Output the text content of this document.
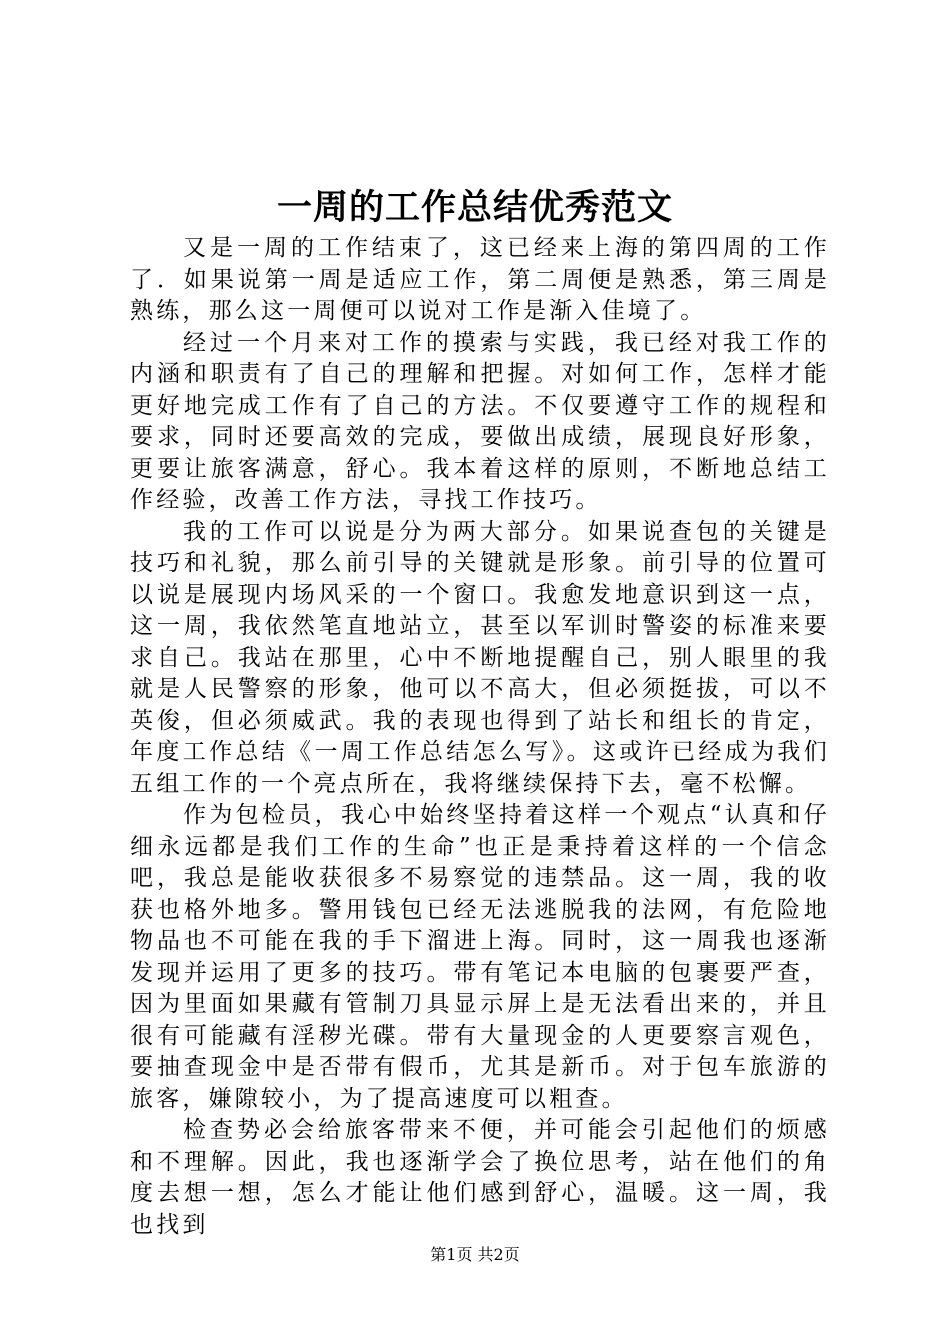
一周的工作总结优秀范文

又是一周的工作结束了，这已经来上海的第四周的工作了．如果说第一周是适应工作，第二周便是熟悉，第三周是熟练，那么这一周便可以说对工作是渐入佳境了。

经过一个月来对工作的摸索与实践，我已经对我工作的内涵和职责有了自己的理解和把握。对如何工作，怎样才能更好地完成工作有了自己的方法。不仅要遵守工作的规程和要求，同时还要高效的完成，要做出成绩，展现良好形象，更要让旅客满意，舒心。我本着这样的原则，不断地总结工作经验，改善工作方法，寻找工作技巧。

我的工作可以说是分为两大部分。如果说查包的关键是技巧和礼貌，那么前引导的关键就是形象。前引导的位置可以说是展现内场风采的一个窗口。我愈发地意识到这一点，这一周，我依然笔直地站立，甚至以军训时警姿的标准来要求自己。我站在那里，心中不断地提醒自己，别人眼里的我就是人民警察的形象，他可以不高大，但必须挺拔，可以不英俊，但必须威武。我的表现也得到了站长和组长的肯定，年度工作总结《一周工作总结怎么写》。这或许已经成为我们五组工作的一个亮点所在，我将继续保持下去，毫不松懈。

作为包检员，我心中始终坚持着这样一个观点“认真和仔细永远都是我们工作的生命”也正是秉持着这样的一个信念吧，我总是能收获很多不易察觉的违禁品。这一周，我的收获也格外地多。警用钱包已经无法逃脱我的法网，有危险地物品也不可能在我的手下溜进上海。同时，这一周我也逐渐发现并运用了更多的技巧。带有笔记本电脑的包裹要严查，因为里面如果藏有管制刀具显示屏上是无法看出来的，并且很有可能藏有淫秽光碟。带有大量现金的人更要察言观色，要抽查现金中是否带有假币，尤其是新币。对于包车旅游的旅客，嫌隙较小，为了提高速度可以粗查。

检查势必会给旅客带来不便，并可能会引起他们的烦感和不理解。因此，我也逐渐学会了换位思考，站在他们的角度去想一想，怎么才能让他们感到舒心，温暖。这一周，我也找到

第1页 共2页
